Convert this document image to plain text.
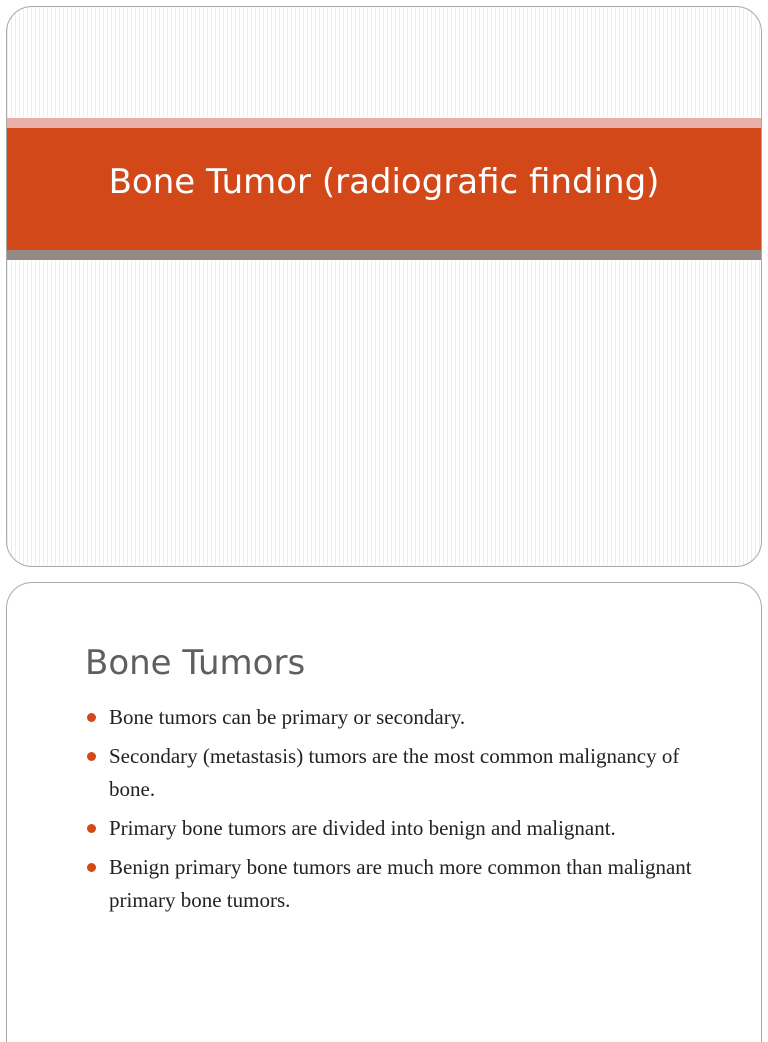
Bone Tumor (radiografic finding)
Bone Tumors
Bone tumors can be primary or secondary.
Secondary (metastasis) tumors are the most common malignancy of bone.
Primary bone tumors are divided into benign and malignant.
Benign primary bone tumors are much more common than malignant primary bone tumors.
